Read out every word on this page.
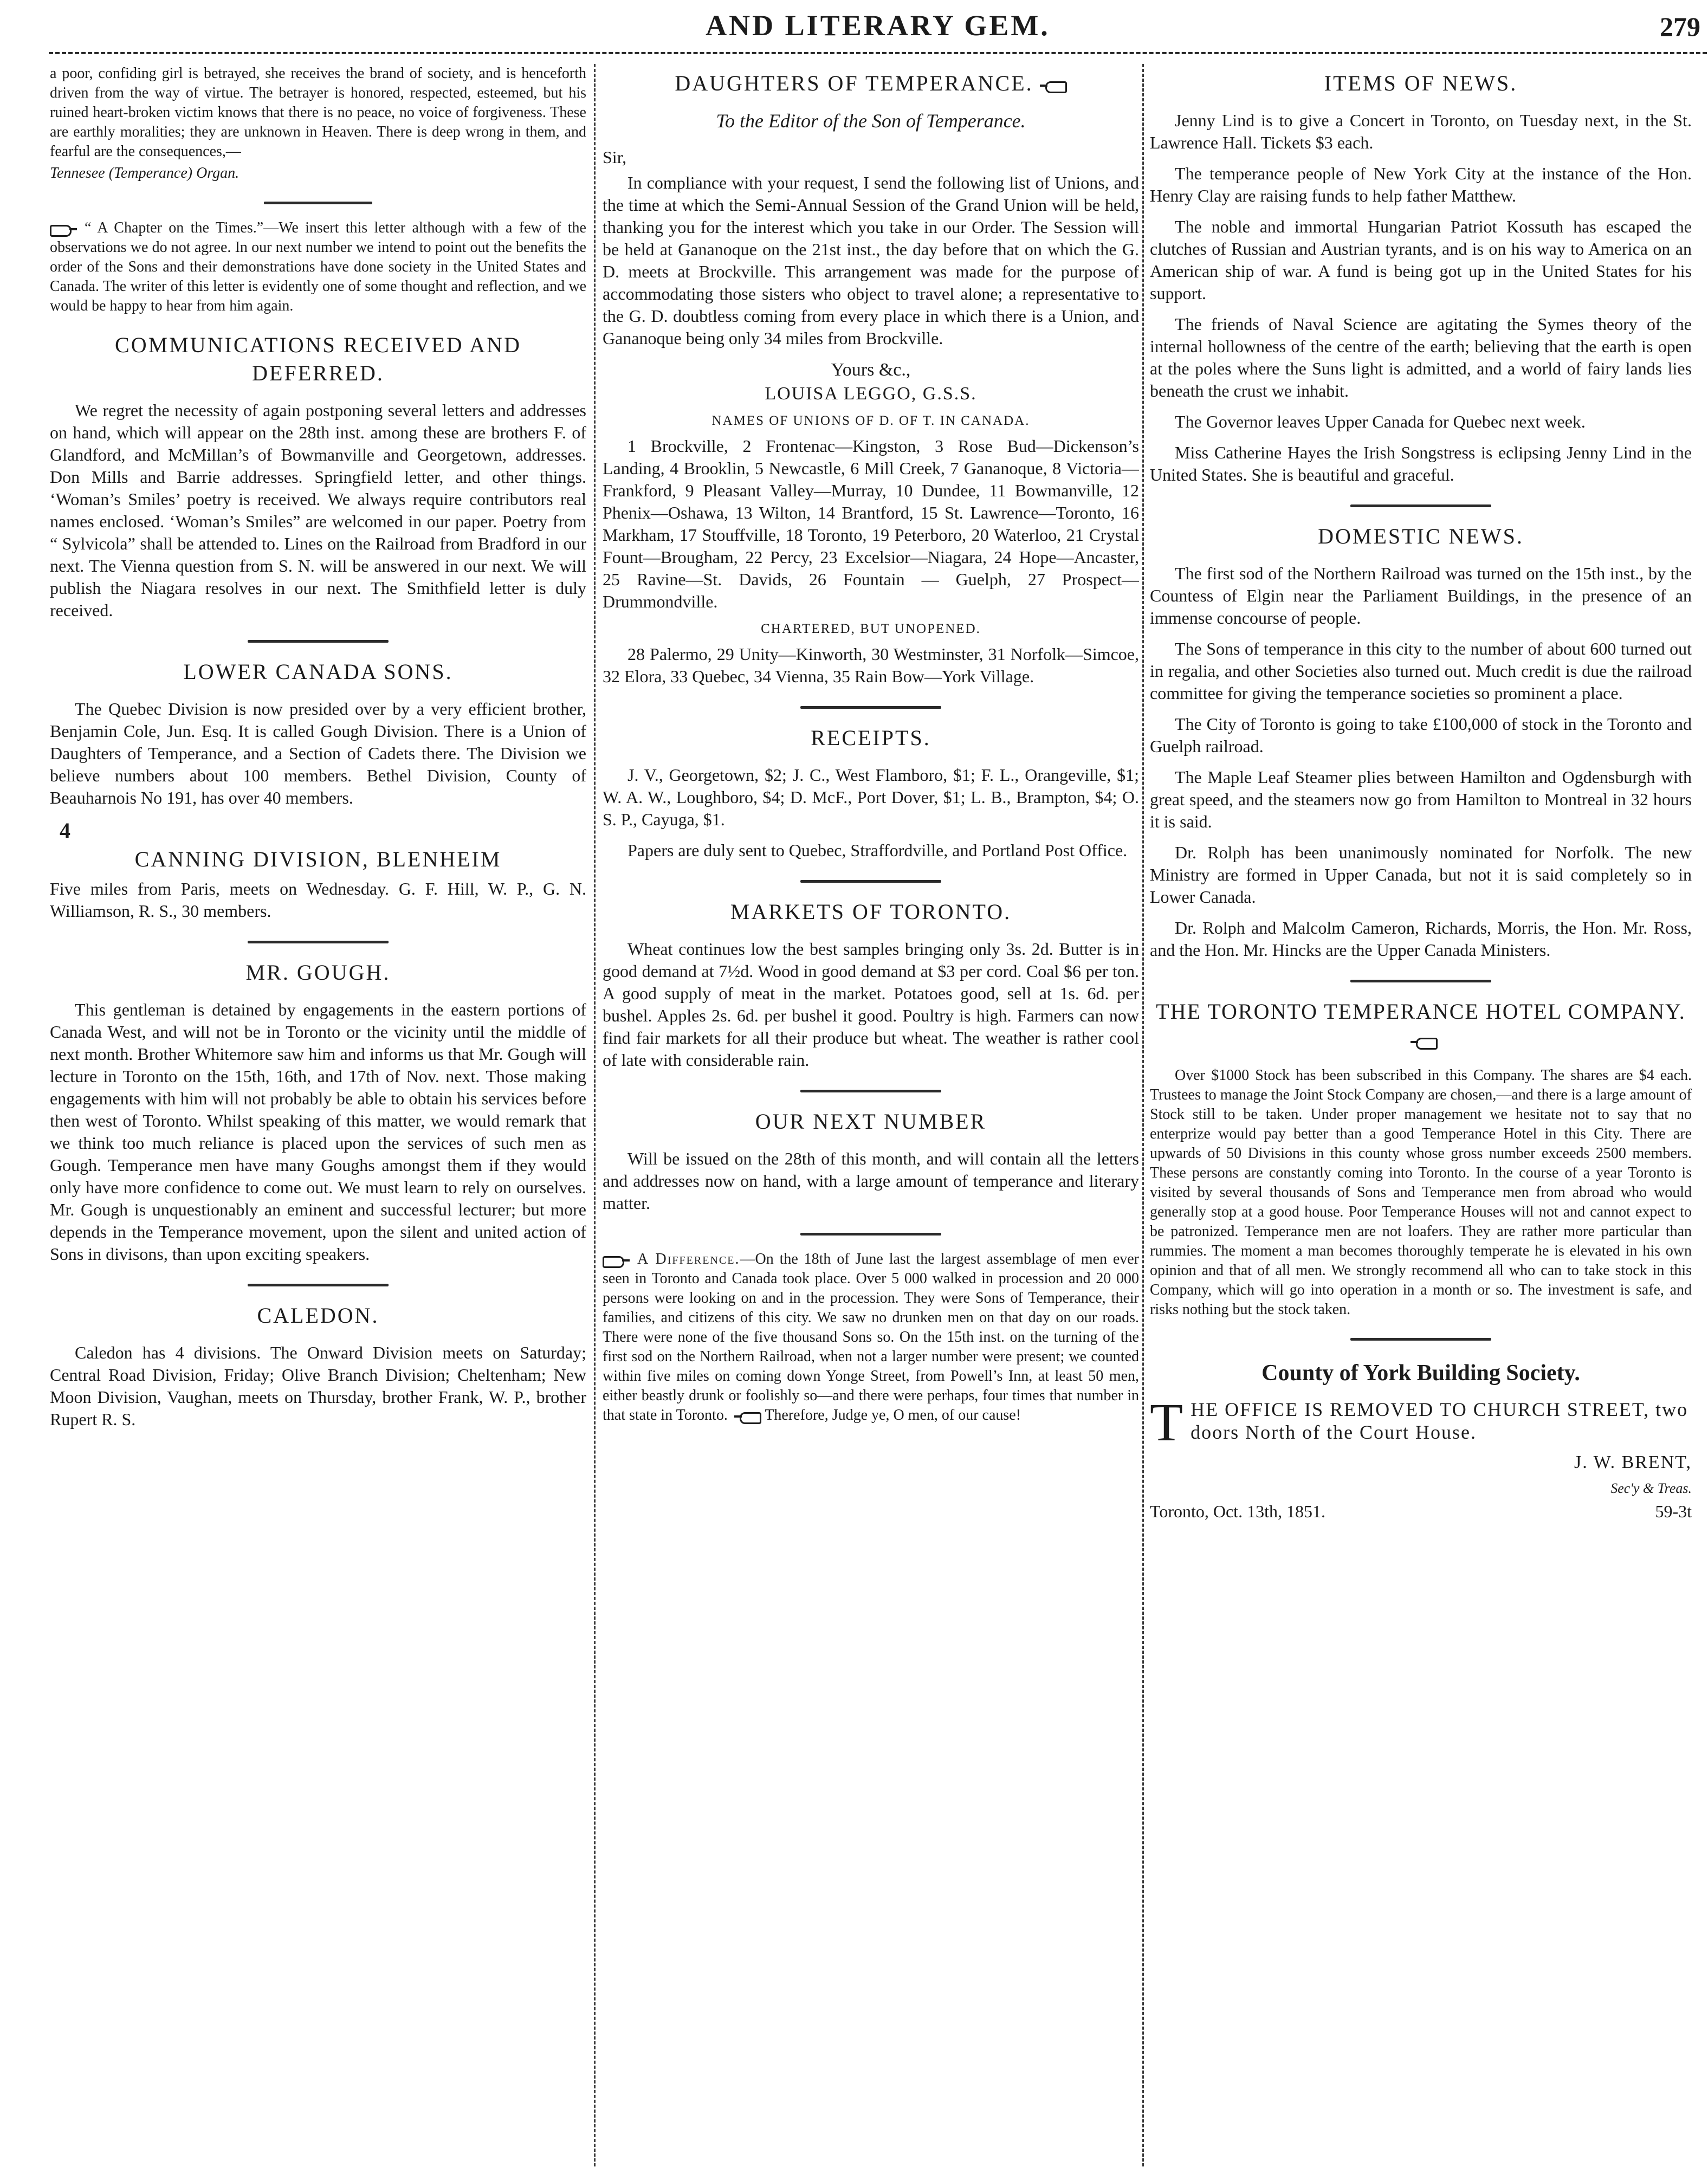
AND LITERARY GEM.	279

a poor, confiding girl is betrayed, she receives the brand of society, and is henceforth driven from the way of virtue. The betrayer is honored, respected, esteemed, but his ruined heart-broken victim knows that there is no peace, no voice of forgiveness. These are earthly moralities; they are unknown in Heaven. There is deep wrong in them, and fearful are the consequences,—

Tenneseе (Temperance) Organ.

“ A Chapter on the Times.”—We insert this letter although with a few of the observations we do not agree. In our next number we intend to point out the benefits the order of the Sons and their demonstrations have done society in the United States and Canada. The writer of this letter is evidently one of some thought and reflection, and we would be happy to hear from him again.

COMMUNICATIONS RECEIVED AND DEFERRED.

We regret the necessity of again postponing several letters and addresses on hand, which will appear on the 28th inst. among these are brothers F. of Glandford, and McMillan’s of Bowmanville and Georgetown, addresses. Don Mills and Barrie addresses. Springfield letter, and other things. ‘Woman’s Smiles’ poetry is received. We always require contributors real names enclosed. ‘Woman’s Smiles” are welcomed in our paper. Poetry from “ Sylvicola” shall be attended to. Lines on the Railroad from Bradford in our next. The Vienna question from S. N. will be answered in our next. We will publish the Niagara resolves in our next. The Smithfield letter is duly received.

LOWER CANADA SONS.

The Quebec Division is now presided over by a very efficient brother, Benjamin Cole, Jun. Esq. It is called Gough Division. There is a Union of Daughters of Temperance, and a Section of Cadets there. The Division we believe numbers about 100 members. Bethel Division, County of Beauharnois No 191, has over 40 members.

4
CANNING DIVISION, BLENHEIM

Five miles from Paris, meets on Wednesday. G. F. Hill, W. P., G. N. Williamson, R. S., 30 members.

MR. GOUGH.

This gentleman is detained by engagements in the eastern portions of Canada West, and will not be in Toronto or the vicinity until the middle of next month. Brother Whitemore saw him and informs us that Mr. Gough will lecture in Toronto on the 15th, 16th, and 17th of Nov. next. Those making engagements with him will not probably be able to obtain his services before then west of Toronto. Whilst speaking of this matter, we would remark that we think too much reliance is placed upon the services of such men as Gough. Temperance men have many Goughs amongst them if they would only have more confidence to come out. We must learn to rely on ourselves. Mr. Gough is unquestionably an eminent and successful lecturer; but more depends in the Temperance movement, upon the silent and united action of Sons in divisons, than upon exciting speakers.

CALEDON.

Caledon has 4 divisions. The Onward Division meets on Saturday; Central Road Division, Friday; Olive Branch Division; Cheltenham; New Moon Division, Vaughan, meets on Thursday, brother Frank, W. P., brother Rupert R. S.

DAUGHTERS OF TEMPERANCE.
To the Editor of the Son of Temperance.

Sir,

In compliance with your request, I send the following list of Unions, and the time at which the Semi-Annual Session of the Grand Union will be held, thanking you for the interest which you take in our Order. The Session will be held at Gananoque on the 21st inst., the day before that on which the G. D. meets at Brockville. This arrangement was made for the purpose of accommodating those sisters who object to travel alone; a representative to the G. D. doubtless coming from every place in which there is a Union, and Gananoque being only 34 miles from Brockville.

Yours &c.,

LOUISA LEGGO, G.S.S.

NAMES OF UNIONS OF D. OF T. IN CANADA.

1 Brockville, 2 Frontenac—Kingston, 3 Rose Bud—Dickenson’s Landing, 4 Brooklin, 5 Newcastle, 6 Mill Creek, 7 Gananoque, 8 Victoria—Frankford, 9 Pleasant Valley—Murray, 10 Dundee, 11 Bowmanville, 12 Phenix—Oshawa, 13 Wilton, 14 Brantford, 15 St. Lawrence—Toronto, 16 Markham, 17 Stouffville, 18 Toronto, 19 Peterboro, 20 Waterloo, 21 Crystal Fount—Brougham, 22 Percy, 23 Excelsior—Niagara, 24 Hope—Ancaster, 25 Ravine—St. Davids, 26 Fountain — Guelph, 27 Prospect—Drummondville.

CHARTERED, BUT UNOPENED.

28 Palermo, 29 Unity—Kinworth, 30 Westminster, 31 Norfolk—Simcoe, 32 Elora, 33 Quebec, 34 Vienna, 35 Rain Bow—York Village.

RECEIPTS.

J. V., Georgetown, $2; J. C., West Flamboro, $1; F. L., Orangeville, $1; W. A. W., Loughboro, $4; D. McF., Port Dover, $1; L. B., Brampton, $4; O. S. P., Cayuga, $1.

Papers are duly sent to Quebec, Straffordville, and Portland Post Office.

MARKETS OF TORONTO.

Wheat continues low the best samples bringing only 3s. 2d. Butter is in good demand at 7½d. Wood in good demand at $3 per cord. Coal $6 per ton. A good supply of meat in the market. Potatoes good, sell at 1s. 6d. per bushel. Apples 2s. 6d. per bushel it good. Poultry is high. Farmers can now find fair markets for all their produce but wheat. The weather is rather cool of late with considerable rain.

OUR NEXT NUMBER

Will be issued on the 28th of this month, and will contain all the letters and addresses now on hand, with a large amount of temperance and literary matter.

A Difference.—On the 18th of June last the largest assemblage of men ever seen in Toronto and Canada took place. Over 5 000 walked in procession and 20 000 persons were looking on and in the procession. They were Sons of Temperance, their families, and citizens of this city. We saw no drunken men on that day on our roads. There were none of the five thousand Sons so. On the 15th inst. on the turning of the first sod on the Northern Railroad, when not a larger number were present; we counted within five miles on coming down Yonge Street, from Powell’s Inn, at least 50 men, either beastly drunk or foolishly so—and there were perhaps, four times that number in that state in Toronto. Therefore, Judge ye, O men, of our cause!

ITEMS OF NEWS.

Jenny Lind is to give a Concert in Toronto, on Tuesday next, in the St. Lawrence Hall. Tickets $3 each.

The temperance people of New York City at the instance of the Hon. Henry Clay are raising funds to help father Matthew.

The noble and immortal Hungarian Patriot Kossuth has escaped the clutches of Russian and Austrian tyrants, and is on his way to America on an American ship of war. A fund is being got up in the United States for his support.

The friends of Naval Science are agitating the Symes theory of the internal hollowness of the centre of the earth; believing that the earth is open at the poles where the Suns light is admitted, and a world of fairy lands lies beneath the crust we inhabit.

The Governor leaves Upper Canada for Quebec next week.

Miss Catherine Hayes the Irish Songstress is eclipsing Jenny Lind in the United States. She is beautiful and graceful.

DOMESTIC NEWS.

The first sod of the Northern Railroad was turned on the 15th inst., by the Countess of Elgin near the Parliament Buildings, in the presence of an immense concourse of people.

The Sons of temperance in this city to the number of about 600 turned out in regalia, and other Societies also turned out. Much credit is due the railroad committee for giving the temperance societies so prominent a place.

The City of Toronto is going to take £100,000 of stock in the Toronto and Guelph railroad.

The Maple Leaf Steamer plies between Hamilton and Ogdensburgh with great speed, and the steamers now go from Hamilton to Montreal in 32 hours it is said.

Dr. Rolph has been unanimously nominated for Norfolk. The new Ministry are formed in Upper Canada, but not it is said completely so in Lower Canada.

Dr. Rolph and Malcolm Cameron, Richards, Morris, the Hon. Mr. Ross, and the Hon. Mr. Hincks are the Upper Canada Ministers.

THE TORONTO TEMPERANCE HOTEL COMPANY.

Over $1000 Stock has been subscribed in this Company. The shares are $4 each. Trustees to manage the Joint Stock Company are chosen,—and there is a large amount of Stock still to be taken. Under proper management we hesitate not to say that no enterprize would pay better than a good Temperance Hotel in this City. There are upwards of 50 Divisions in this county whose gross number exceeds 2500 members. These persons are constantly coming into Toronto. In the course of a year Toronto is visited by several thousands of Sons and Temperance men from abroad who would generally stop at a good house. Poor Temperance Houses will not and cannot expect to be patronized. Temperance men are not loafers. They are rather more particular than rummies. The moment a man becomes thoroughly temperate he is elevated in his own opinion and that of all men. We strongly recommend all who can to take stock in this Company, which will go into operation in a month or so. The investment is safe, and risks nothing but the stock taken.

County of York Building Society.
T HE OFFICE IS REMOVED TO CHURCH STREET, two doors North of the Court House.

J. W. BRENT,
Sec'y & Treas.
Toronto, Oct. 13th, 1851.	59-3t
